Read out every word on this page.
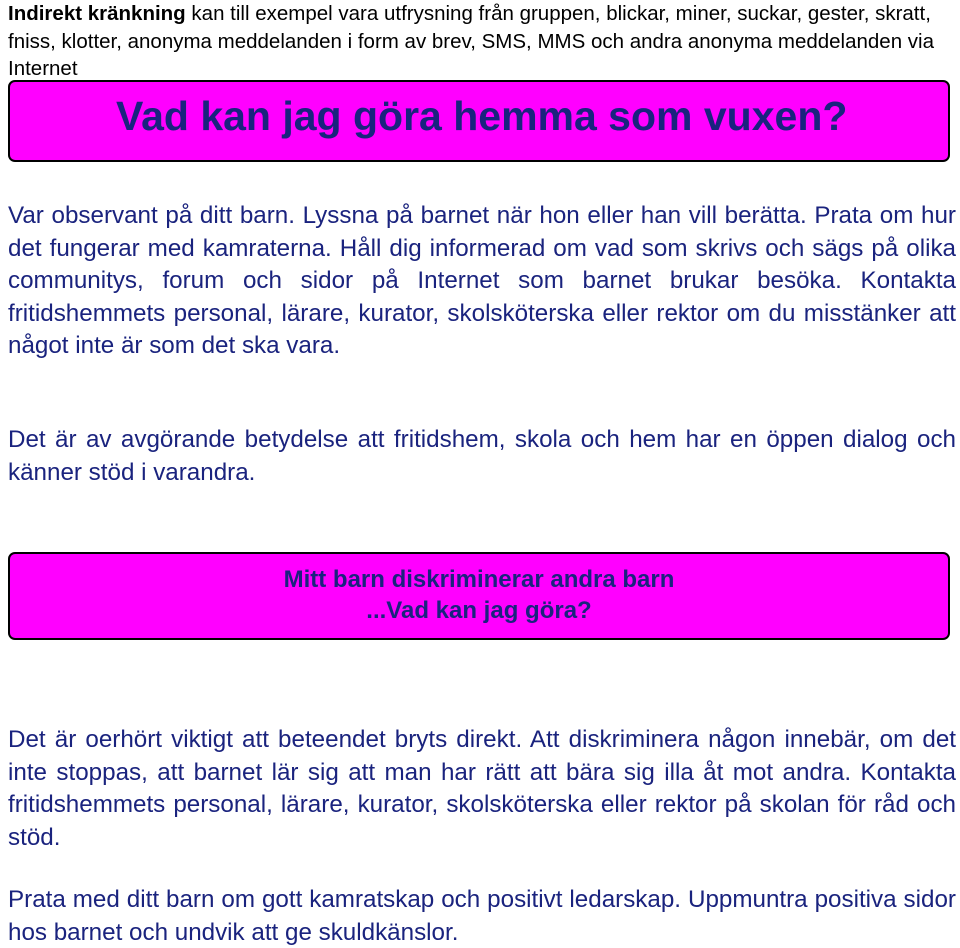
Indirekt kränkning kan till exempel vara utfrysning från gruppen, blickar, miner, suckar, gester, skratt, fniss, klotter, anonyma meddelanden i form av brev, SMS, MMS och andra anonyma meddelanden via Internet
Vad kan jag göra hemma som vuxen?
Var observant på ditt barn. Lyssna på barnet när hon eller han vill berätta. Prata om hur det fungerar med kamraterna. Håll dig informerad om vad som skrivs och sägs på olika communitys, forum och sidor på Internet som barnet brukar besöka. Kontakta fritidshemmets personal, lärare, kurator, skolsköterska eller rektor om du misstänker att något inte är som det ska vara.
Det är av avgörande betydelse att fritidshem, skola och hem har en öppen dialog och känner stöd i varandra.
Mitt barn diskriminerar andra barn
...Vad kan jag göra?
Det är oerhört viktigt att beteendet bryts direkt. Att diskriminera någon innebär, om det inte stoppas, att barnet lär sig att man har rätt att bära sig illa åt mot andra. Kontakta fritidshemmets personal, lärare, kurator, skolsköterska eller rektor på skolan för råd och stöd.
Prata med ditt barn om gott kamratskap och positivt ledarskap. Uppmuntra positiva sidor hos barnet och undvik att ge skuldkänslor.
